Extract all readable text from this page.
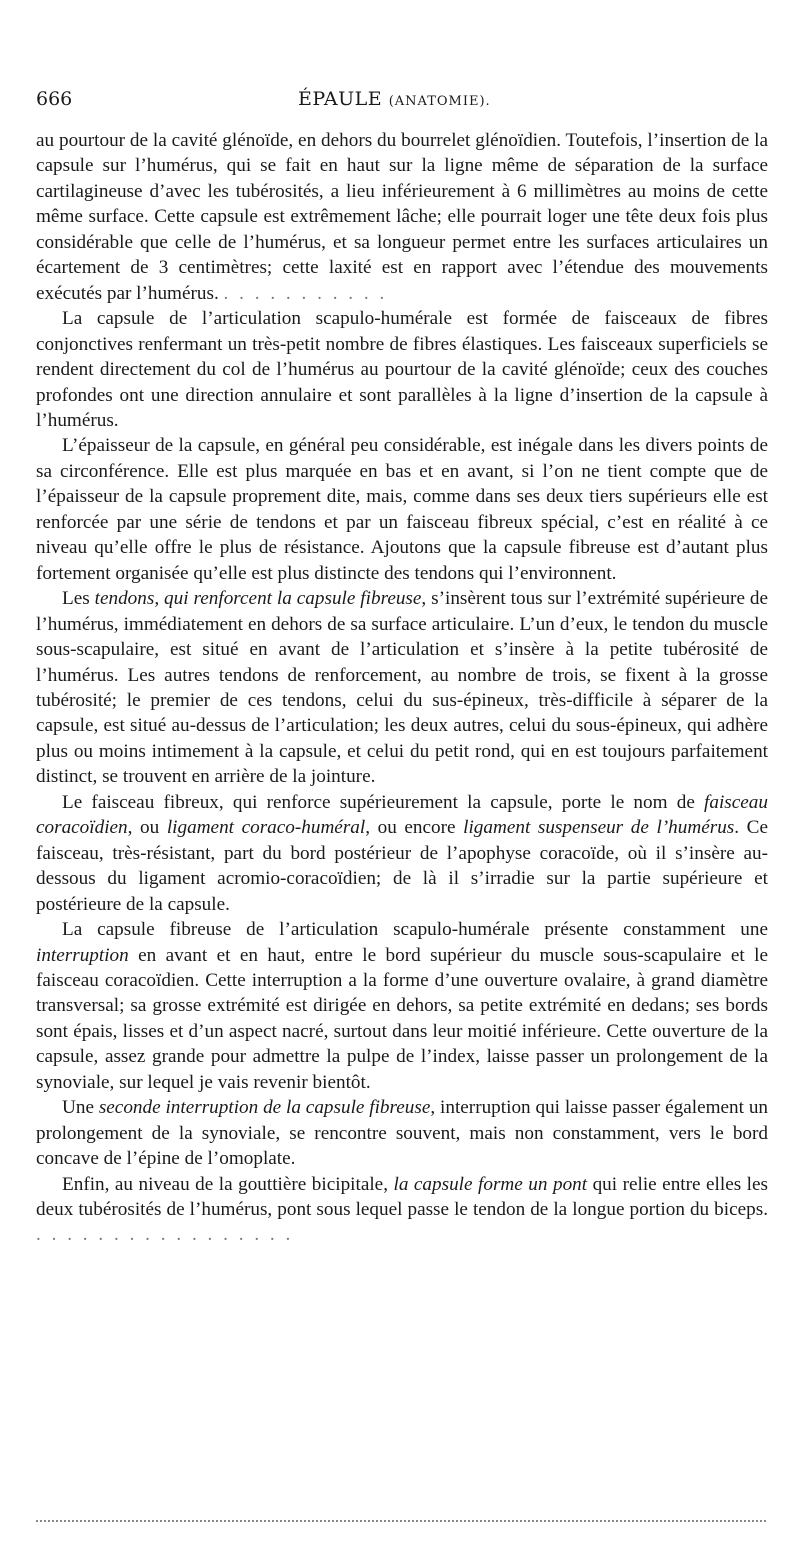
666	ÉPAULE (ANATOMIE).

au pourtour de la cavité glénoïde, en dehors du bourrelet glénoïdien. Toutefois, l’insertion de la capsule sur l’humérus, qui se fait en haut sur la ligne même de séparation de la surface cartilagineuse d’avec les tubérosités, a lieu inférieurement à 6 millimètres au moins de cette même surface. Cette capsule est extrêmement lâche; elle pourrait loger une tête deux fois plus considérable que celle de l’humérus, et sa longueur permet entre les surfaces articulaires un écartement de 3 centimètres; cette laxité est en rapport avec l’étendue des mouvements exécutés par l’humérus. . . . . . . . . . . .

La capsule de l’articulation scapulo-humérale est formée de faisceaux de fibres conjonctives renfermant un très-petit nombre de fibres élastiques. Les faisceaux superficiels se rendent directement du col de l’humérus au pourtour de la cavité glénoïde; ceux des couches profondes ont une direction annulaire et sont parallèles à la ligne d’insertion de la capsule à l’humérus.

L’épaisseur de la capsule, en général peu considérable, est inégale dans les divers points de sa circonférence. Elle est plus marquée en bas et en avant, si l’on ne tient compte que de l’épaisseur de la capsule proprement dite, mais, comme dans ses deux tiers supérieurs elle est renforcée par une série de tendons et par un faisceau fibreux spécial, c’est en réalité à ce niveau qu’elle offre le plus de résistance. Ajoutons que la capsule fibreuse est d’autant plus fortement organisée qu’elle est plus distincte des tendons qui l’environnent.

Les tendons, qui renforcent la capsule fibreuse, s’insèrent tous sur l’extrémité supérieure de l’humérus, immédiatement en dehors de sa surface articulaire. L’un d’eux, le tendon du muscle sous-scapulaire, est situé en avant de l’articulation et s’insère à la petite tubérosité de l’humérus. Les autres tendons de renforcement, au nombre de trois, se fixent à la grosse tubérosité; le premier de ces tendons, celui du sus-épineux, très-difficile à séparer de la capsule, est situé au-dessus de l’articulation; les deux autres, celui du sous-épineux, qui adhère plus ou moins intimement à la capsule, et celui du petit rond, qui en est toujours parfaitement distinct, se trouvent en arrière de la jointure.

Le faisceau fibreux, qui renforce supérieurement la capsule, porte le nom de faisceau coracoïdien, ou ligament coraco-huméral, ou encore ligament suspenseur de l’humérus. Ce faisceau, très-résistant, part du bord postérieur de l’apophyse coracoïde, où il s’insère au-dessous du ligament acromio-coracoïdien; de là il s’irradie sur la partie supérieure et postérieure de la capsule.

La capsule fibreuse de l’articulation scapulo-humérale présente constamment une interruption en avant et en haut, entre le bord supérieur du muscle sous-scapulaire et le faisceau coracoïdien. Cette interruption a la forme d’une ouverture ovalaire, à grand diamètre transversal; sa grosse extrémité est dirigée en dehors, sa petite extrémité en dedans; ses bords sont épais, lisses et d’un aspect nacré, surtout dans leur moitié inférieure. Cette ouverture de la capsule, assez grande pour admettre la pulpe de l’index, laisse passer un prolongement de la synoviale, sur lequel je vais revenir bientôt.

Une seconde interruption de la capsule fibreuse, interruption qui laisse passer également un prolongement de la synoviale, se rencontre souvent, mais non constamment, vers le bord concave de l’épine de l’omoplate.

Enfin, au niveau de la gouttière bicipitale, la capsule forme un pont qui relie entre elles les deux tubérosités de l’humérus, pont sous lequel passe le tendon de la longue portion du biceps. . . . . . . . . . . . . . . . . .
